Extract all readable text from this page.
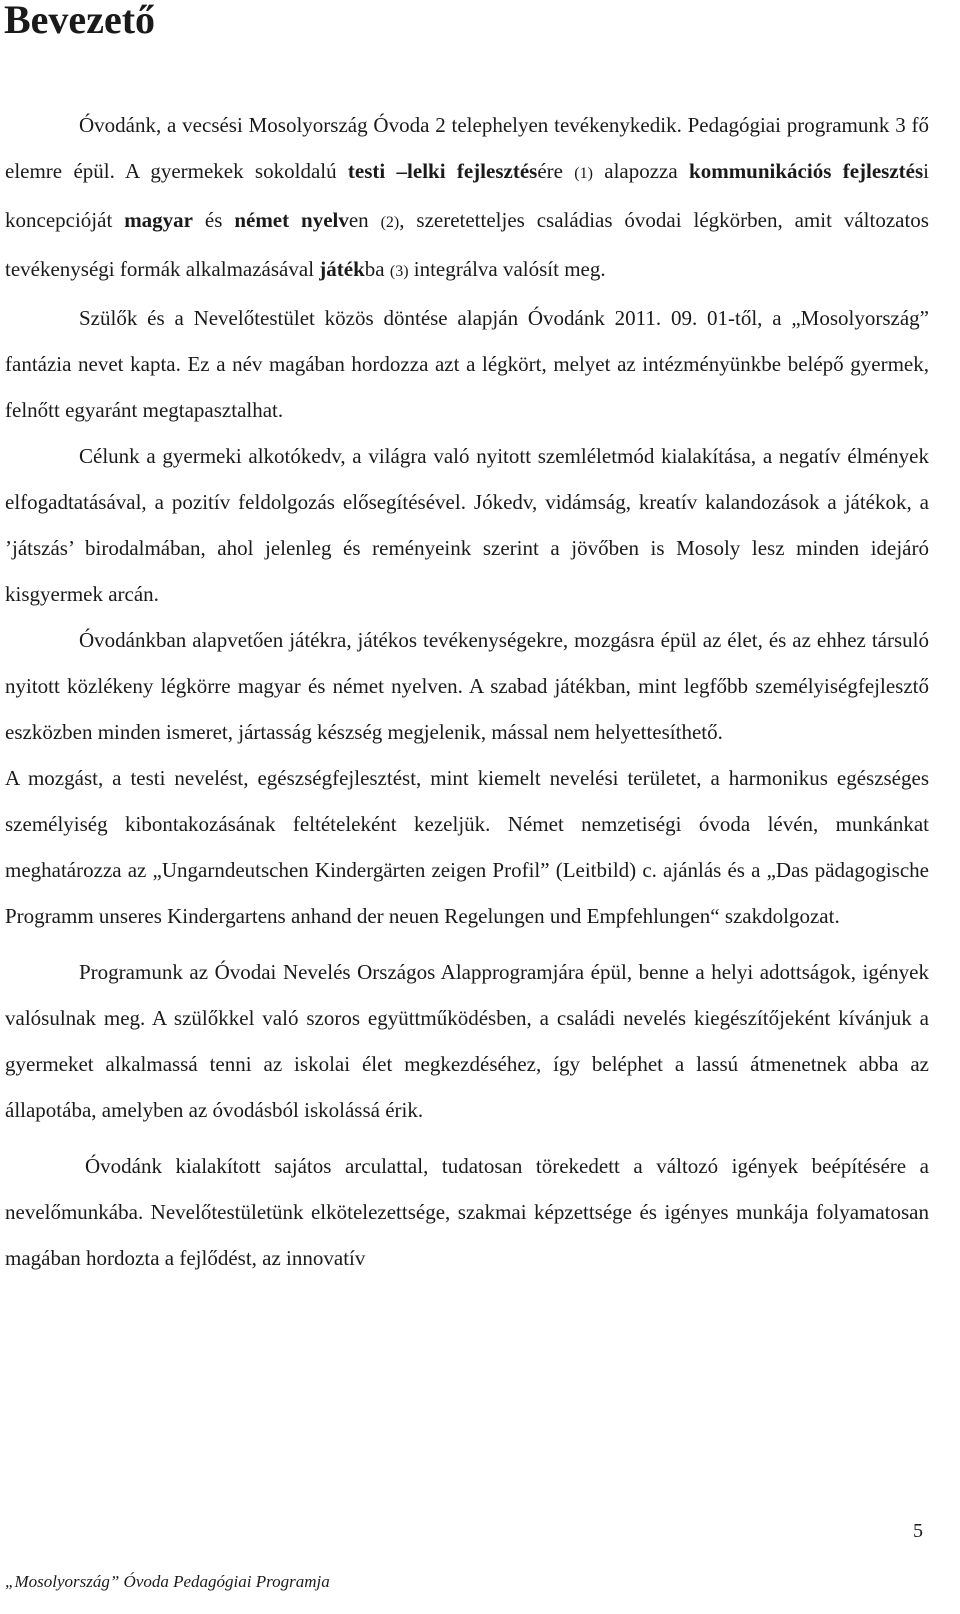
Bevezető

Óvodánk, a vecsési Mosolyország Óvoda 2 telephelyen tevékenykedik. Pedagógiai programunk 3 fő elemre épül. A gyermekek sokoldalú testi –lelki fejlesztésére (1) alapozza kommunikációs fejlesztési koncepcióját magyar és német nyelven (2), szeretetteljes családias óvodai légkörben, amit változatos tevékenységi formák alkalmazásával játékba (3) integrálva valósít meg.

Szülők és a Nevelőtestület közös döntése alapján Óvodánk 2011. 09. 01-től, a „Mosolyország” fantázia nevet kapta. Ez a név magában hordozza azt a légkört, melyet az intézményünkbe belépő gyermek, felnőtt egyaránt megtapasztalhat.

Célunk a gyermeki alkotókedv, a világra való nyitott szemléletmód kialakítása, a negatív élmények elfogadtatásával, a pozitív feldolgozás elősegítésével. Jókedv, vidámság, kreatív kalandozások a játékok, a ’játszás’ birodalmában, ahol jelenleg és reményeink szerint a jövőben is Mosoly lesz minden idejáró kisgyermek arcán.

Óvodánkban alapvetően játékra, játékos tevékenységekre, mozgásra épül az élet, és az ehhez társuló nyitott közlékeny légkörre magyar és német nyelven. A szabad játékban, mint legfőbb személyiségfejlesztő eszközben minden ismeret, jártasság készség megjelenik, mással nem helyettesíthető.

A mozgást, a testi nevelést, egészségfejlesztést, mint kiemelt nevelési területet, a harmonikus egészséges személyiség kibontakozásának feltételeként kezeljük. Német nemzetiségi óvoda lévén, munkánkat meghatározza az „Ungarndeutschen Kindergärten zeigen Profil” (Leitbild) c. ajánlás és a „Das pädagogische Programm unseres Kindergartens anhand der neuen Regelungen und Empfehlungen“ szakdolgozat.

Programunk az Óvodai Nevelés Országos Alapprogramjára épül, benne a helyi adottságok, igények valósulnak meg. A szülőkkel való szoros együttműködésben, a családi nevelés kiegészítőjeként kívánjuk a gyermeket alkalmassá tenni az iskolai élet megkezdéséhez, így beléphet a lassú átmenetnek abba az állapotába, amelyben az óvodásból iskolássá érik.

Óvodánk kialakított sajátos arculattal, tudatosan törekedett a változó igények beépítésére a nevelőmunkába. Nevelőtestületünk elkötelezettsége, szakmai képzettsége és igényes munkája folyamatosan magában hordozta a fejlődést, az innovatív

5
„Mosolyország” Óvoda Pedagógiai Programja
